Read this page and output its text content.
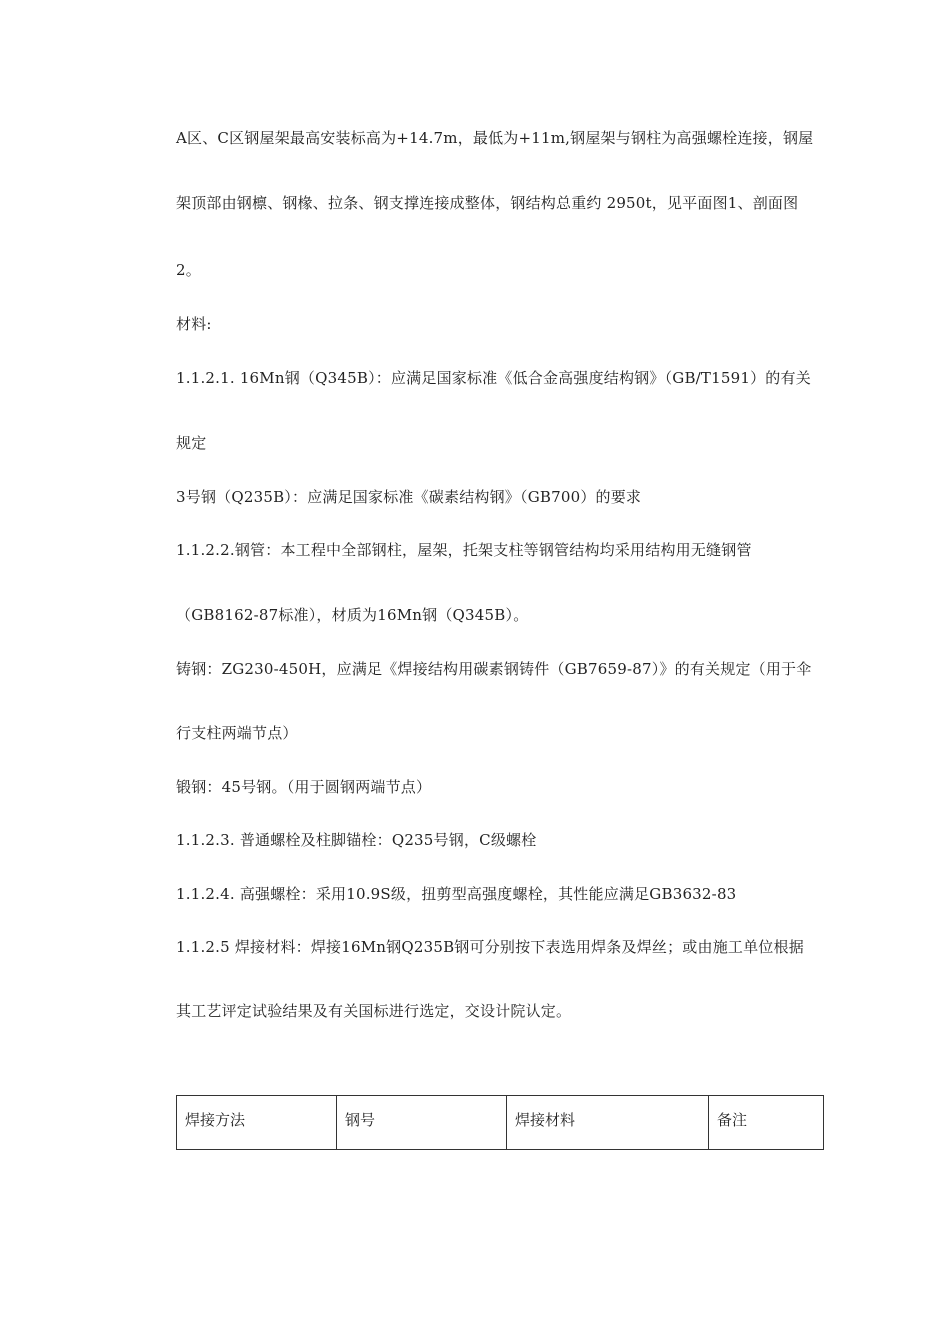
A区、C区钢屋架最高安装标高为+14.7m，最低为+11m,钢屋架与钢柱为高强螺栓连接，钢屋
架顶部由钢檩、钢椽、拉条、钢支撑连接成整体，钢结构总重约 2950t，见平面图1、剖面图
2。
材料:
1.1.2.1. 16Mn钢（Q345B）：应满足国家标准《低合金高强度结构钢》（GB/T1591）的有关
规定
3号钢（Q235B）：应满足国家标准《碳素结构钢》（GB700）的要求
1.1.2.2.钢管：本工程中全部钢柱，屋架，托架支柱等钢管结构均采用结构用无缝钢管
（GB8162-87标准），材质为16Mn钢（Q345B）。
铸钢：ZG230-450H，应满足《焊接结构用碳素钢铸件（GB7659-87）》的有关规定（用于伞
行支柱两端节点）
锻钢：45号钢。（用于圆钢两端节点）
1.1.2.3. 普通螺栓及柱脚锚栓：Q235号钢，C级螺栓
1.1.2.4. 高强螺栓：采用10.9S级，扭剪型高强度螺栓，其性能应满足GB3632-83
1.1.2.5 焊接材料：焊接16Mn钢Q235B钢可分别按下表选用焊条及焊丝；或由施工单位根据
其工艺评定试验结果及有关国标进行选定，交设计院认定。
焊接方法	钢号	焊接材料	备注
